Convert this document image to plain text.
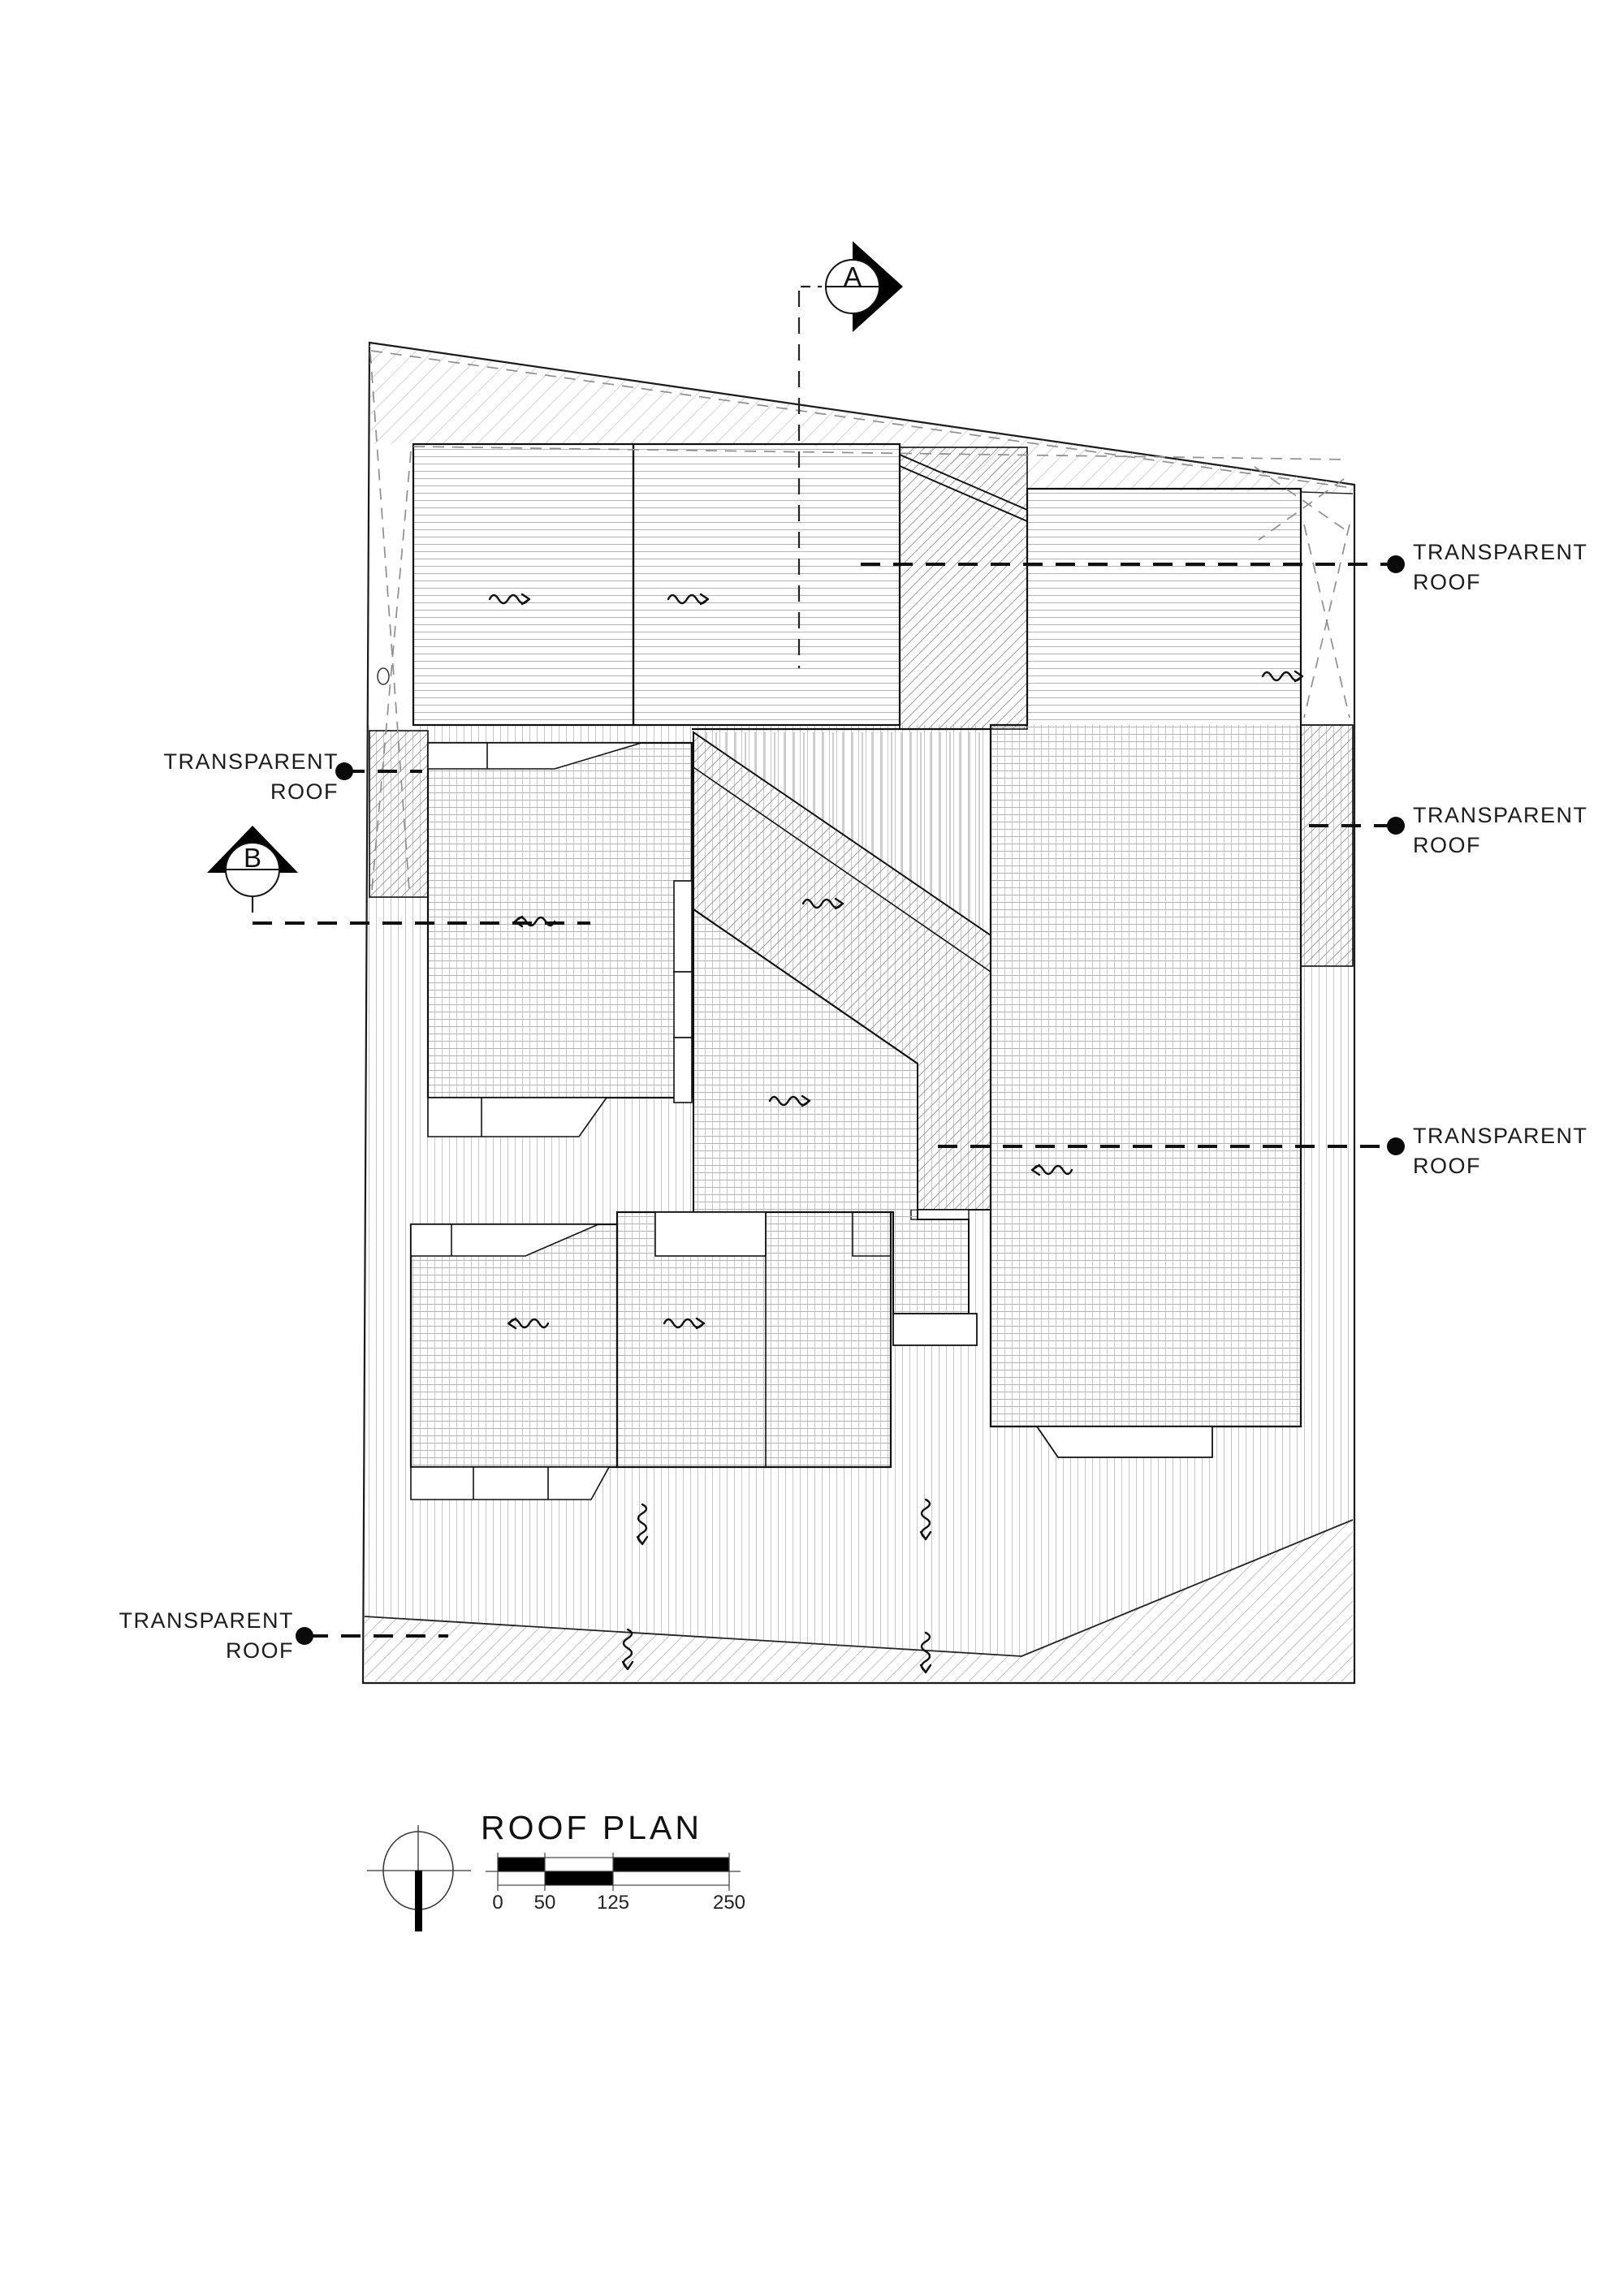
TRANSPARENT
ROOF
TRANSPARENT
ROOF
TRANSPARENT
ROOF
TRANSPARENT
ROOF
TRANSPARENT
ROOF
A
B
ROOF PLAN
0	50	125	250
